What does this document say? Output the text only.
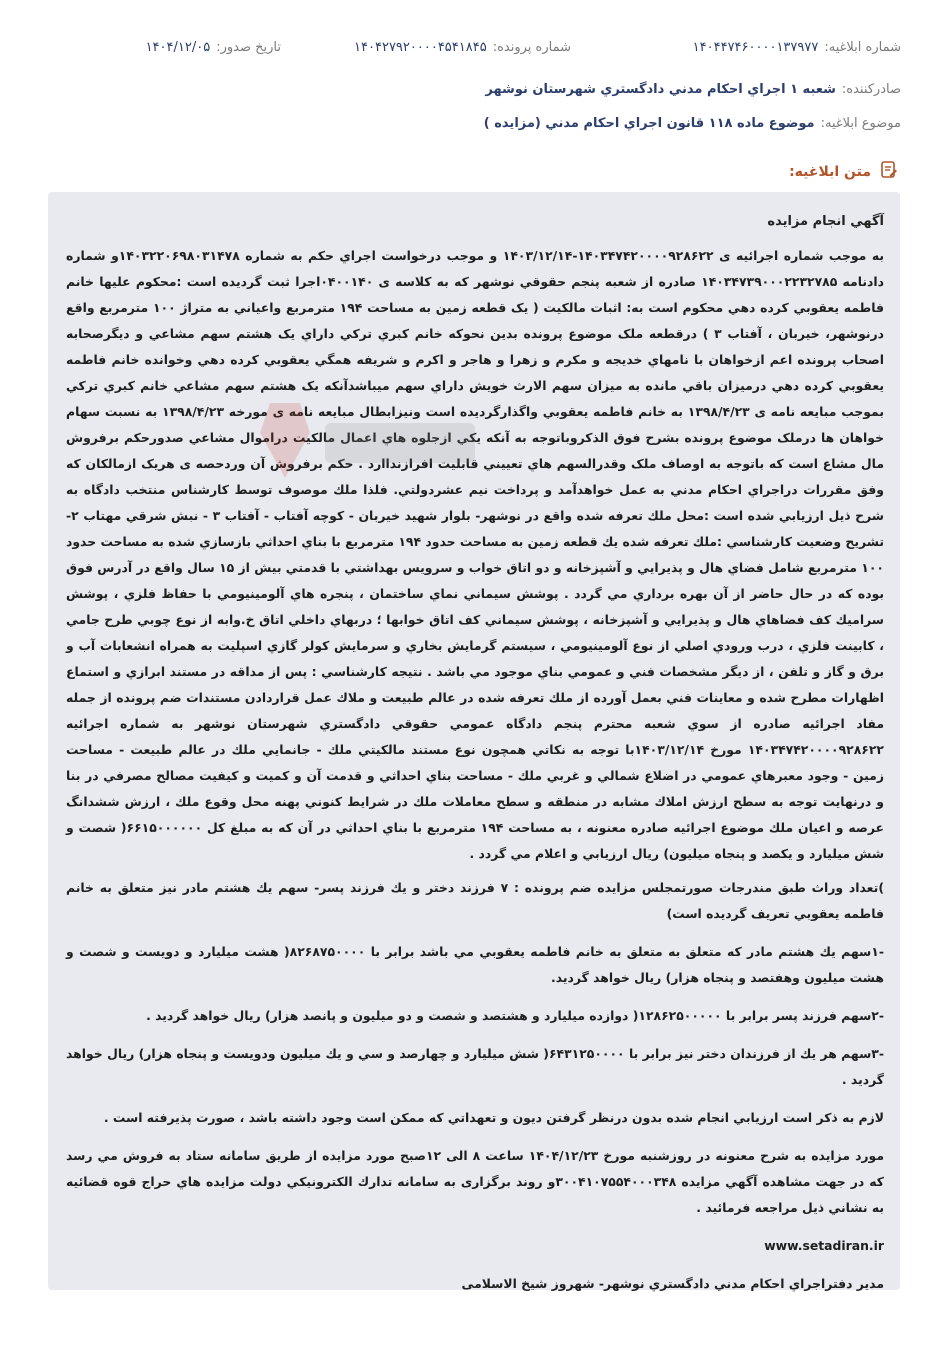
شماره ابلاغیه:
۱۴۰۴۴۷۴۶۰۰۰۰۱۳۷۹۷۷
شماره پرونده:
۱۴۰۴۲۷۹۲۰۰۰۰۴۵۴۱۸۴۵
تاریخ صدور:
۱۴۰۴/۱۲/۰۵
صادرکننده:
شعبه ۱ اجراي احكام مدني دادگستري شهرستان نوشهر
موضوع ابلاغیه:
موضوع ماده ۱۱۸ قانون اجراي احكام مدني (مزايده )
متن ابلاغیه:
آگهي انجام مزايده

به موجب شماره اجرائيه ی ۱۴۰۳۴۷۴۲۰۰۰۰۹۲۸۶۲۲-۱۴۰۳/۱۲/۱۴ و موجب درخواست اجراي حکم به شماره ۱۴۰۳۲۲۰۶۹۸۰۳۱۴۷۸و شماره دادنامه ۱۴۰۳۴۷۳۹۰۰۰۲۲۳۲۷۸۵ صادره از شعبه پنجم حقوقي نوشهر که به کلاسه ی ۰۴۰۰۱۴۰اجرا ثبت گردیده است :محکوم عليها خانم فاطمه يعقوبي کرده دهي محکوم است به: اثبات مالکيت ( يک قطعه زمين به مساحت ۱۹۴ مترمربع واعياني به متراژ ۱۰۰ مترمربع واقع درنوشهر، خيربان ، آفتاب ۳ ) درقطعه ملک موضوع پرونده بدين نحوکه خانم کبري ترکي داراي يک هشتم سهم مشاعي و ديگرصحابه اصحاب پرونده اعم ازخواهان با نامهاي خديجه و مکرم و زهرا و هاجر و اکرم و شريفه همگي يعقوبي کرده دهي وخوانده خانم فاطمه يعقوبي کرده دهي درميزان باقي مانده به ميزان سهم الارث خويش داراي سهم ميباشدآنکه يک هشتم سهم مشاعي خانم کبري ترکي بموجب مبايعه نامه ی ۱۳۹۸/۴/۲۳ به خانم فاطمه يعقوبي واگذارگرديده است ونيزابطال مبايعه نامه ی مورخه ۱۳۹۸/۴/۲۳ به نسبت سهام خواهان ها درملک موضوع پرونده بشرح فوق الذکروباتوجه به آنکه يکي ازجلوه هاي اعمال مالکيت دراموال مشاعي صدورحکم برفروش مال مشاع است که باتوجه به اوصاف ملک وقدرالسهم هاي تعييني قابليت افرازنداارد . حکم برفروش آن وردحصه ی هريک ازمالکان که وفق مقررات دراجراي احکام مدني به عمل خواهدآمد و پرداخت نيم عشردولتي. فلذا ملك موصوف توسط كارشناس منتخب دادگاه به شرح ذيل ارزيابي شده است :محل ملك تعرفه شده واقع در نوشهر- بلوار شهيد خيربان - كوچه آفتاب - آفتاب ۳ - نبش شرقي مهتاب ۲-تشريح وضعيت كارشناسي :ملك تعرفه شده يك قطعه زمين به مساحت حدود ۱۹۴ مترمربع با بناي احداثي بازسازي شده به مساحت حدود ۱۰۰ مترمربع شامل فضاي هال و پذيرايي و آشپزخانه و دو اتاق خواب و سرويس بهداشتي با قدمتي بيش از ۱۵ سال واقع در آدرس فوق بوده كه در حال حاضر از آن بهره برداري مي گردد . پوشش سيماني نماي ساختمان ، پنجره هاي آلومينيومي با حفاظ فلزي ، پوشش سراميك كف فضاهاي هال و پذيرايي و آشپزخانه ، پوشش سيماني كف اتاق خوابها ؛ دربهاي داخلي اتاق خ.وابه از نوع چوبي طرح جامي ، كابينت فلزي ، درب ورودي اصلي از نوع آلومينيومي ، سيستم گرمايش بخاري و سرمايش كولر گازي اسپليت به همراه انشعابات آب و برق و گاز و تلفن ، از ديگر مشخصات فني و عمومي بناي موجود مي باشد . نتيجه كارشناسي : پس از مداقه در مستند ابرازي و استماع اظهارات مطرح شده و معاينات فني بعمل آورده از ملك تعرفه شده در عالم طبيعت و ملاك عمل قراردادن مستندات ضم پرونده از جمله مفاد اجرائيه صادره از سوي شعبه محترم پنجم دادگاه عمومي حقوقي دادگستري شهرستان نوشهر به شماره اجرائيه ۱۴۰۳۴۷۴۲۰۰۰۰۹۲۸۶۲۲ مورخ ۱۴۰۳/۱۲/۱۴با توجه به نكاتي همچون نوع مستند مالكيتي ملك - جانمايي ملك در عالم طبيعت - مساحت زمين - وجود معبرهاي عمومي در اضلاع شمالي و غربي ملك - مساحت بناي احداثي و قدمت آن و كميت و كيفيت مصالح مصرفي در بنا و درنهايت توجه به سطح ارزش املاك مشابه در منطقه و سطح معاملات ملك در شرايط كنوني پهنه محل وقوع ملك ، ارزش ششدانگ عرصه و اعيان ملك موضوع اجرائيه صادره معنونه ، به مساحت ۱۹۴ مترمربع با بناي احداثي در آن كه به مبلغ كل ۶۶۱۵۰۰۰۰۰۰( شصت و شش ميليارد و يكصد و پنجاه ميليون) ريال ارزيابي و اعلام مي گردد .

)تعداد وراث طبق مندرجات صورتمجلس مزايده ضم پرونده : ۷ فرزند دختر و يك فرزند پسر- سهم يك هشتم مادر نيز متعلق به خانم فاطمه يعقوبي تعريف گرديده است)

-۱سهم يك هشتم مادر كه متعلق به متعلق به خانم فاطمه يعقوبي مي باشد برابر با ۸۲۶۸۷۵۰۰۰۰( هشت ميليارد و دويست و شصت و هشت ميليون وهفتصد و پنجاه هزار) ريال خواهد گرديد.

-۲سهم فرزند پسر برابر با ۱۲۸۶۲۵۰۰۰۰۰( دوازده ميليارد و هشتصد و شصت و دو ميليون و پانصد هزار) ريال خواهد گرديد .

-۳سهم هر يك از فرزندان دختر نيز برابر با ۶۴۳۱۲۵۰۰۰۰( شش ميليارد و چهارصد و سي و يك ميليون ودويست و پنجاه هزار) ريال خواهد گرديد .

لازم به ذکر است ارزيابي انجام شده بدون درنظر گرفتن ديون و تعهداتي که ممکن است وجود داشته باشد ، صورت پذيرفته است .

مورد مزايده به شرح معنونه در روزشنبه مورخ ۱۴۰۴/۱۲/۲۳ ساعت ۸ الی ۱۲صبح مورد مزايده از طريق سامانه ستاد به فروش مي رسد که در جهت مشاهده آگهي مزايده ۳۰۰۴۱۰۷۵۵۴۰۰۰۳۴۸و روند برگزاری به سامانه تدارك الكترونيكي دولت مزايده هاي حراج قوه قضائيه به نشاني ذيل مراجعه فرمائيد .

www.setadiran.ir

مدير دفتراجراي احكام مدني دادگستري نوشهر- شهروز شيخ الاسلامی
